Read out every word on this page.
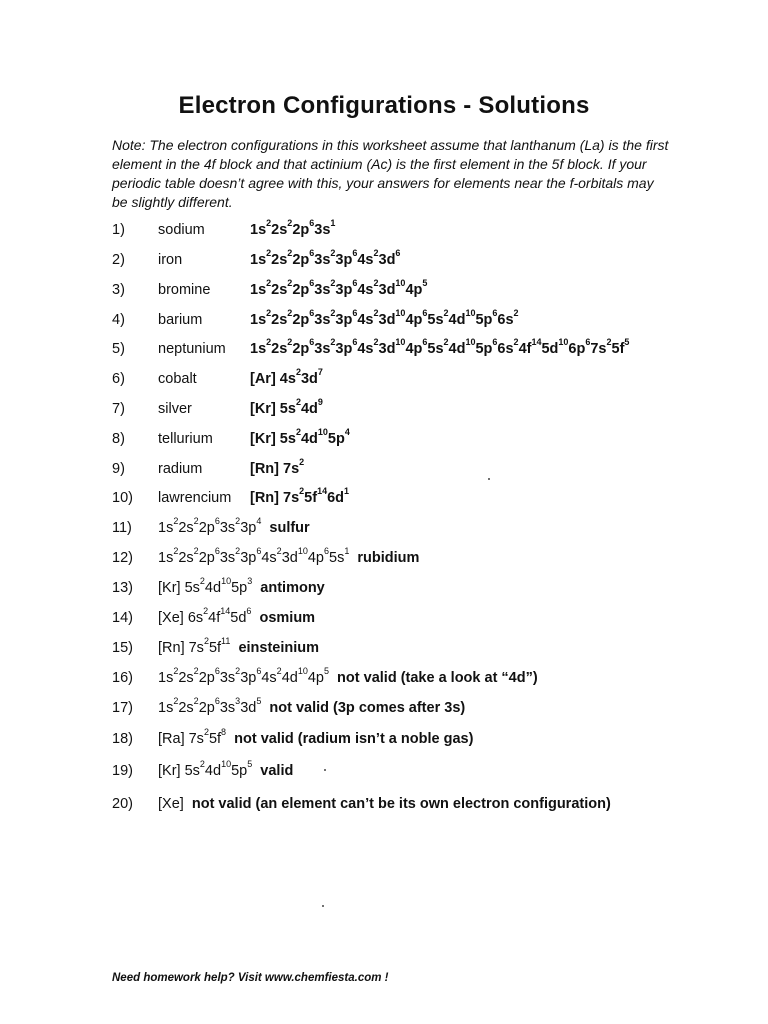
Electron Configurations - Solutions
Note: The electron configurations in this worksheet assume that lanthanum (La) is the first element in the 4f block and that actinium (Ac) is the first element in the 5f block. If your periodic table doesn’t agree with this, your answers for elements near the f-orbitals may be slightly different.
1) sodium	$1s^22s^22p^63s^1$
2) iron	$1s^22s^22p^63s^23p^64s^23d^6$
3) bromine	$1s^22s^22p^63s^23p^64s^23d^{10}4p^5$
4) barium	$1s^22s^22p^63s^23p^64s^23d^{10}4p^65s^24d^{10}5p^66s^2$
5) neptunium $1s^22s^22p^63s^23p^64s^23d^{10}4p^65s^24d^{10}5p^66s^24f^{14}5d^{10}6p^67s^25f^5$
6) cobalt	[Ar] $4s^23d^7$
7) silver	[Kr] $5s^24d^9$
8) tellurium	[Kr] $5s^24d^{10}5p^4$
9) radium	[Rn] $7s^2$
10) lawrencium [Rn] $7s^25f^{14}6d^1$
11) $1s^22s^22p^63s^23p^4$  sulfur
12) $1s^22s^22p^63s^23p^64s^23d^{10}4p^65s^1$  rubidium
13) [Kr] $5s^24d^{10}5p^3$  antimony
14) [Xe] $6s^24f^{14}5d^6$  osmium
15) [Rn] $7s^25f^{11}$  einsteinium
16) $1s^22s^22p^63s^23p^64s^24d^{10}4p^5$  not valid (take a look at “4d”)
17) $1s^22s^22p^63s^33d^5$  not valid (3p comes after 3s)
18) [Ra] $7s^25f^8$  not valid (radium isn’t a noble gas)
19) [Kr] $5s^24d^{10}5p^5$  valid
20) [Xe]  not valid (an element can’t be its own electron configuration)
Need homework help? Visit www.chemfiesta.com !
